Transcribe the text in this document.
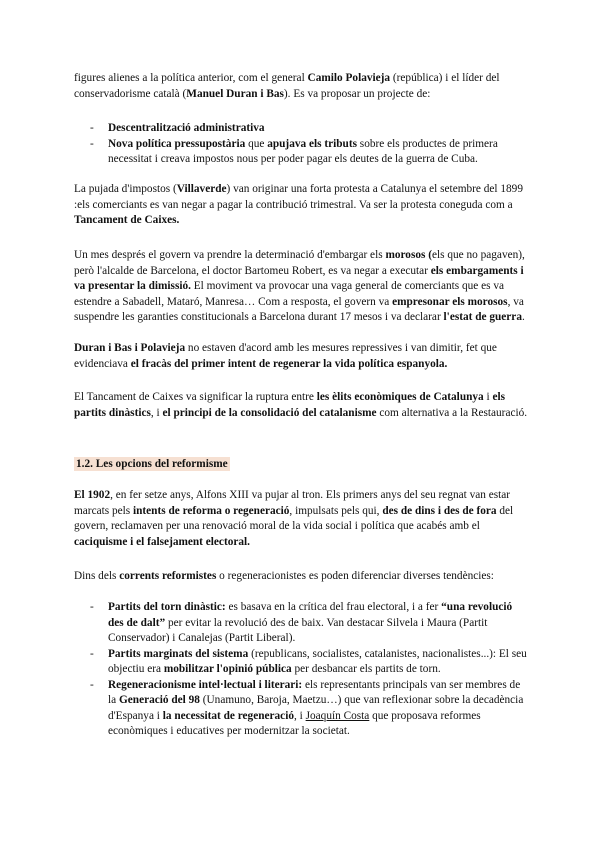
figures alienes a la política anterior, com el general Camilo Polavieja (república) i el líder del conservadorisme català (Manuel Duran i Bas). Es va proposar un projecte de:

- Descentralització administrativa
- Nova política pressupostària que apujava els tributs sobre els productes de primera necessitat i creava impostos nous per poder pagar els deutes de la guerra de Cuba.

La pujada d'impostos (Villaverde) van originar una forta protesta a Catalunya el setembre del 1899 :els comerciants es van negar a pagar la contribució trimestral. Va ser la protesta coneguda com a Tancament de Caixes.

Un mes després el govern va prendre la determinació d'embargar els morosos (els que no pagaven), però l'alcalde de Barcelona, el doctor Bartomeu Robert, es va negar a executar els embargaments i va presentar la dimissió. El moviment va provocar una vaga general de comerciants que es va estendre a Sabadell, Mataró, Manresa… Com a resposta, el govern va empresonar els morosos, va suspendre les garanties constitucionals a Barcelona durant 17 mesos i va declarar l'estat de guerra.

Duran i Bas i Polavieja no estaven d'acord amb les mesures repressives i van dimitir, fet que evidenciava el fracàs del primer intent de regenerar la vida política espanyola.

El Tancament de Caixes va significar la ruptura entre les èlits econòmiques de Catalunya i els partits dinàstics, i el principi de la consolidació del catalanisme com alternativa a la Restauració.

1.2. Les opcions del reformisme

El 1902, en fer setze anys, Alfons XIII va pujar al tron. Els primers anys del seu regnat van estar marcats pels intents de reforma o regeneració, impulsats pels qui, des de dins i des de fora del govern, reclamaven per una renovació moral de la vida social i política que acabés amb el caciquisme i el falsejament electoral.

Dins dels corrents reformistes o regeneracionistes es poden diferenciar diverses tendències:

- Partits del torn dinàstic: es basava en la crítica del frau electoral, i a fer “una revolució des de dalt” per evitar la revolució des de baix. Van destacar Silvela i Maura (Partit Conservador) i Canalejas (Partit Liberal).
- Partits marginats del sistema (republicans, socialistes, catalanistes, nacionalistes...): El seu objectiu era mobilitzar l'opinió pública per desbancar els partits de torn.
- Regeneracionisme intel·lectual i literari: els representants principals van ser membres de la Generació del 98 (Unamuno, Baroja, Maetzu…) que van reflexionar sobre la decadència d'Espanya i la necessitat de regeneració, i Joaquín Costa que proposava reformes econòmiques i educatives per modernitzar la societat.
